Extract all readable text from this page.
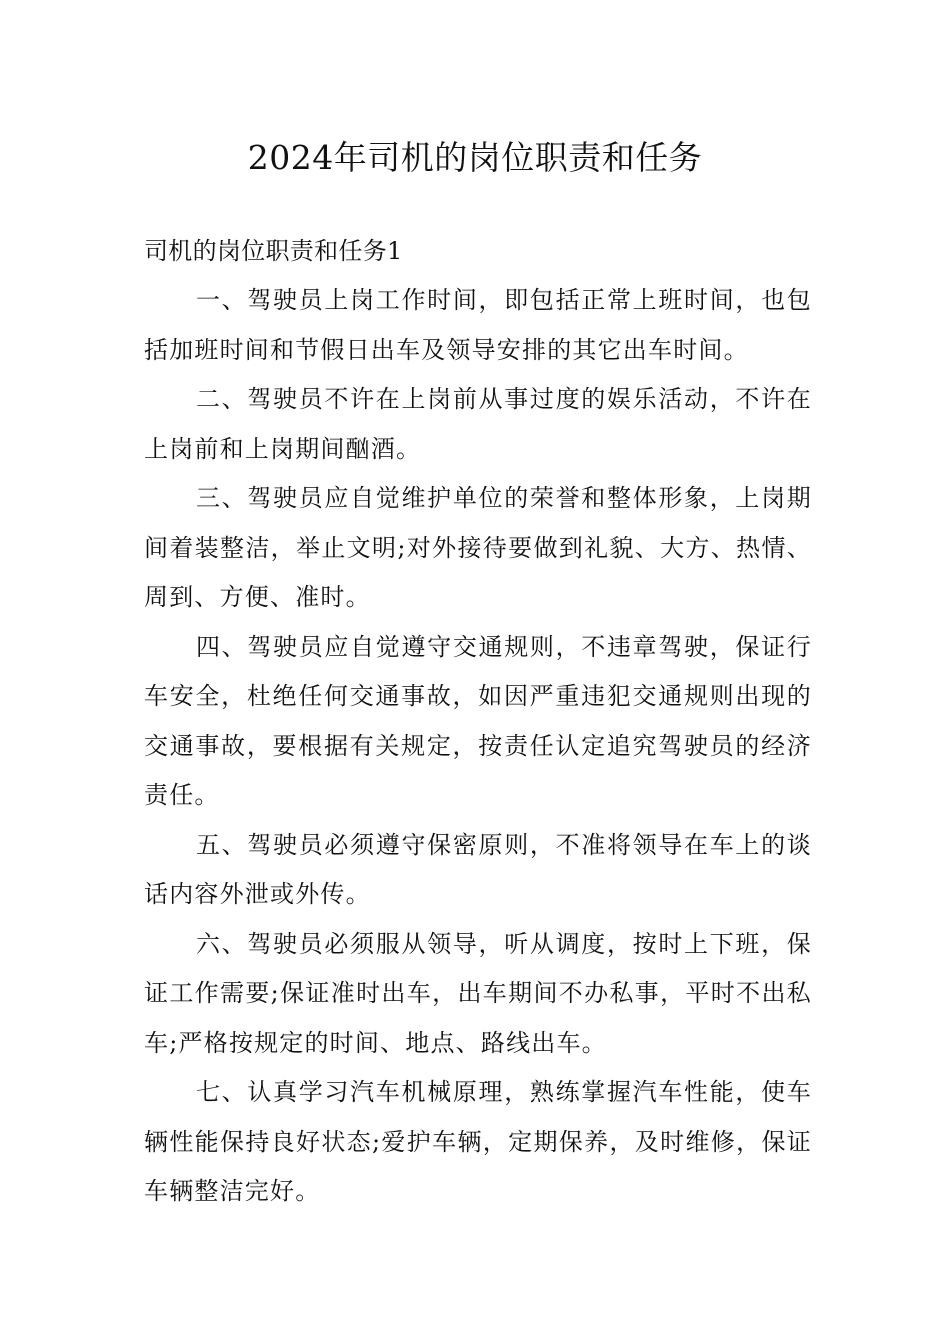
2024年司机的岗位职责和任务

司机的岗位职责和任务1

一、驾驶员上岗工作时间，即包括正常上班时间，也包括加班时间和节假日出车及领导安排的其它出车时间。

二、驾驶员不许在上岗前从事过度的娱乐活动，不许在上岗前和上岗期间酗酒。

三、驾驶员应自觉维护单位的荣誉和整体形象，上岗期间着装整洁，举止文明;对外接待要做到礼貌、大方、热情、周到、方便、准时。

四、驾驶员应自觉遵守交通规则，不违章驾驶，保证行车安全，杜绝任何交通事故，如因严重违犯交通规则出现的交通事故，要根据有关规定，按责任认定追究驾驶员的经济责任。

五、驾驶员必须遵守保密原则，不准将领导在车上的谈话内容外泄或外传。

六、驾驶员必须服从领导，听从调度，按时上下班，保证工作需要;保证准时出车，出车期间不办私事，平时不出私车;严格按规定的时间、地点、路线出车。

七、认真学习汽车机械原理，熟练掌握汽车性能，使车辆性能保持良好状态;爱护车辆，定期保养，及时维修，保证车辆整洁完好。
